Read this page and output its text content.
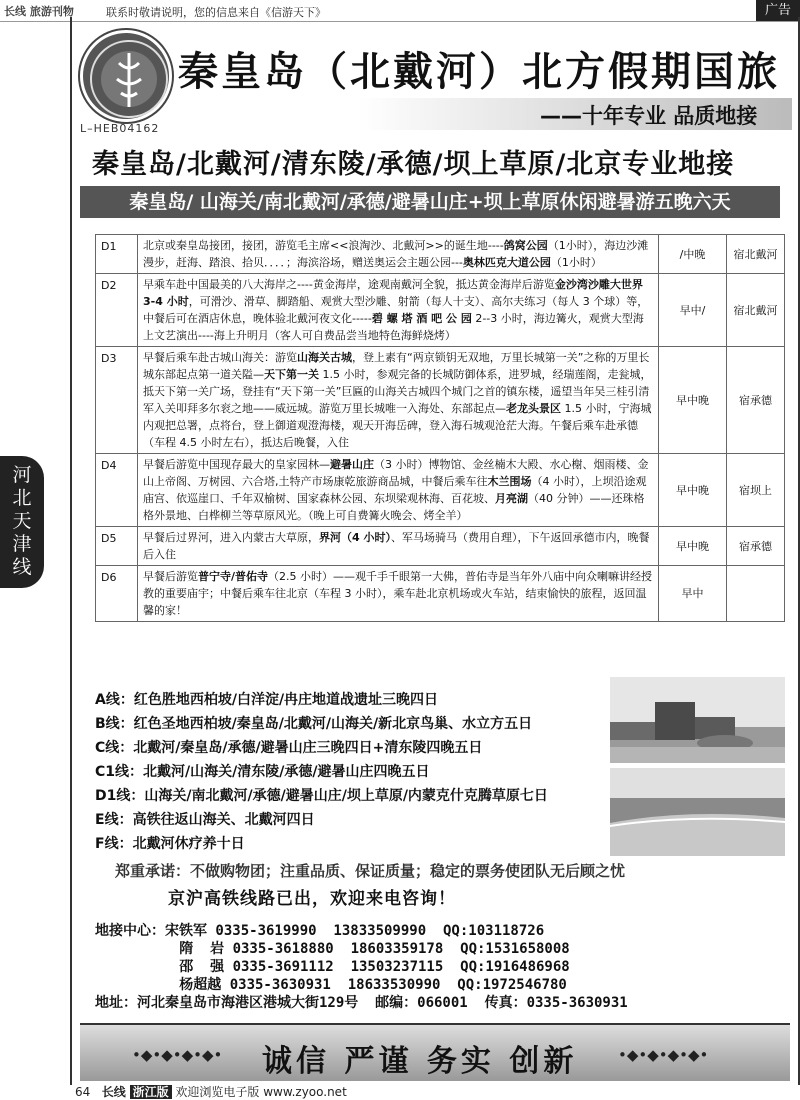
长线 旅游刊物	联系时敬请说明，您的信息来自《信游天下》	广告
L–HEB04162
秦皇岛（北戴河）北方假期国旅
——十年专业 品质地接
秦皇岛/北戴河/清东陵/承德/坝上草原/北京专业地接
秦皇岛/ 山海关/南北戴河/承德/避暑山庄+坝上草原休闲避暑游五晚六天
D1	北京或秦皇岛接团，接团，游览毛主席<<浪淘沙、北戴河>>的诞生地----鸽窝公园（1小时），海边沙滩漫步，赶海、踏浪、拾贝．．．．；海滨浴场，赠送奥运会主题公园---奥林匹克大道公园（1小时）	/中晚	宿北戴河
D2	早乘车赴中国最美的八大海岸之----黄金海岸，途观南戴河全貌，抵达黄金海岸后游览金沙湾沙雕大世界 3-4 小时，可滑沙、滑草、脚踏船、观赏大型沙雕、射箭（每人十支）、高尔夫练习（每人 3 个球）等，中餐后可在酒店休息，晚体验北戴河夜文化-----碧 螺 塔 酒 吧 公 园 2--3 小时，海边篝火，观赏大型海上文艺演出----海上升明月（客人可自费品尝当地特色海鲜烧烤）	早中/	宿北戴河
D3	早餐后乘车赴古城山海关：游览山海关古城，登上素有“两京锁钥无双地，万里长城第一关”之称的万里长城东部起点第一道关隘—天下第一关 1.5 小时，参观完备的长城防御体系，进罗城，经瑞莲阁，走瓮城，抵天下第一关广场，登挂有“天下第一关”巨匾的山海关古城四个城门之首的镇东楼，遥望当年吴三桂引清军入关叩拜多尔衮之地——威远城。游览万里长城唯一入海处、东部起点—老龙头景区 1.5 小时，宁海城内观把总署，点将台，登上御道观澄海楼，观天开海岳碑，登入海石城观沧茫大海。午餐后乘车赴承德（车程 4.5 小时左右），抵达后晚餐，入住	早中晚	宿承德
D4	早餐后游览中国现存最大的皇家园林—避暑山庄（3 小时）博物馆、金丝楠木大殿、水心榭、烟雨楼、金山上帝阁、万树园、六合塔,土特产市场康乾旅游商品城，中餐后乘车往木兰围场（4 小时），上坝沿途观庙宫、依巡崖口、千年双榆树、国家森林公园、东坝梁观林海、百花坡、月亮湖（40 分钟）——还珠格格外景地、白桦柳兰等草原风光。（晚上可自费篝火晚会、烤全羊）	早中晚	宿坝上
D5	早餐后过界河，进入内蒙古大草原，界河（4 小时）、军马场骑马（费用自理），下午返回承德市内，晚餐后入住	早中晚	宿承德
D6	早餐后游览普宁寺/普佑寺（2.5 小时）——观千手千眼第一大佛，普佑寺是当年外八庙中向众喇嘛讲经授教的重要庙宇；中餐后乘车往北京（车程 3 小时），乘车赴北京机场或火车站，结束愉快的旅程，返回温馨的家！	早中	
河
北
天
津
线
A线：红色胜地西柏坡/白洋淀/冉庄地道战遗址三晚四日
B线：红色圣地西柏坡/秦皇岛/北戴河/山海关/新北京鸟巢、水立方五日
C线：北戴河/秦皇岛/承德/避暑山庄三晚四日+清东陵四晚五日
C1线：北戴河/山海关/清东陵/承德/避暑山庄四晚五日
D1线：山海关/南北戴河/承德/避暑山庄/坝上草原/内蒙克什克腾草原七日
E线：高铁往返山海关、北戴河四日
F线：北戴河休疗养十日
郑重承诺：不做购物团；注重品质、保证质量；稳定的票务使团队无后顾之忧
京沪高铁线路已出，欢迎来电咨询！
地接中心：宋铁军 0335-3619990  13833509990  QQ:103118726
隋  岩 0335-3618880  18603359178  QQ:1531658008
邵  强 0335-3691112  13503237115  QQ:1916486968
杨超越 0335-3630931  18633530990  QQ:1972546780
地址：河北秦皇岛市海港区港城大街129号  邮编：066001  传真：0335-3630931
•◆•◆•◆•◆• 诚信 严谨 务实 创新	•◆•◆•◆•◆•
64 长线 浙江版 欢迎浏览电子版 www.zyoo.net
